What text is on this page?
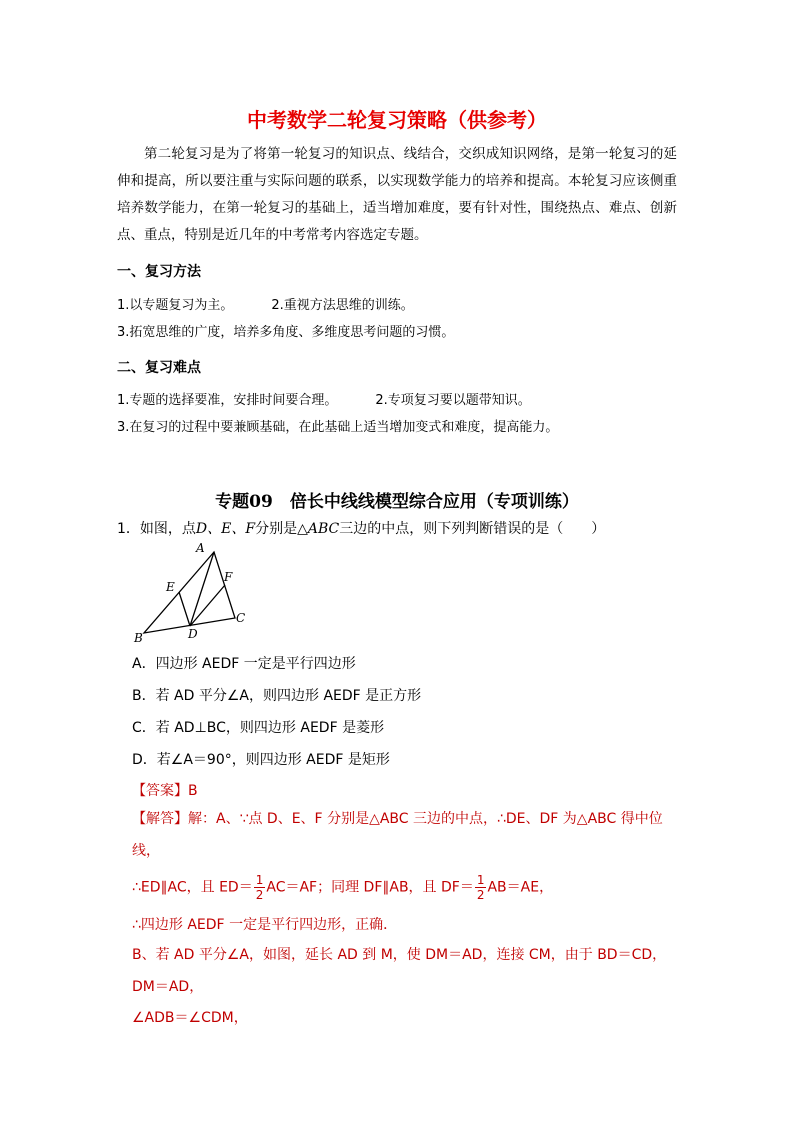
中考数学二轮复习策略（供参考）

第二轮复习是为了将第一轮复习的知识点、线结合，交织成知识网络，是第一轮复习的延伸和提高，所以要注重与实际问题的联系，以实现数学能力的培养和提高。本轮复习应该侧重培养数学能力，在第一轮复习的基础上，适当增加难度，要有针对性，围绕热点、难点、创新点、重点，特别是近几年的中考常考内容选定专题。

一、复习方法
1.以专题复习为主。	2.重视方法思维的训练。
3.拓宽思维的广度，培养多角度、多维度思考问题的习惯。
二、复习难点
1.专题的选择要准，安排时间要合理。	2.专项复习要以题带知识。
3.在复习的过程中要兼顾基础，在此基础上适当增加变式和难度，提高能力。
专题09　倍长中线线模型综合应用（专项训练）
1．如图，点D、E、F分别是△ABC三边的中点，则下列判断错误的是（　　）
A
B
C
D
E
F
A．四边形 AEDF 一定是平行四边形
B．若 AD 平分∠A，则四边形 AEDF 是正方形
C．若 AD⊥BC，则四边形 AEDF 是菱形
D．若∠A＝90°，则四边形 AEDF 是矩形
【答案】B
【解答】解：A、∵点 D、E、F 分别是△ABC 三边的中点，∴DE、DF 为△ABC 得中位线，
∴ED∥AC，且 $ED= \frac{1}{2} AC=AF$；同理 DF∥AB，且 $DF= \frac{1}{2} AB=AE$，
∴四边形 AEDF 一定是平行四边形，正确．
B、若 AD 平分∠A，如图，延长 AD 到 M，使 DM＝AD，连接 CM，由于 BD＝CD，DM＝AD，
∠ADB＝∠CDM，
